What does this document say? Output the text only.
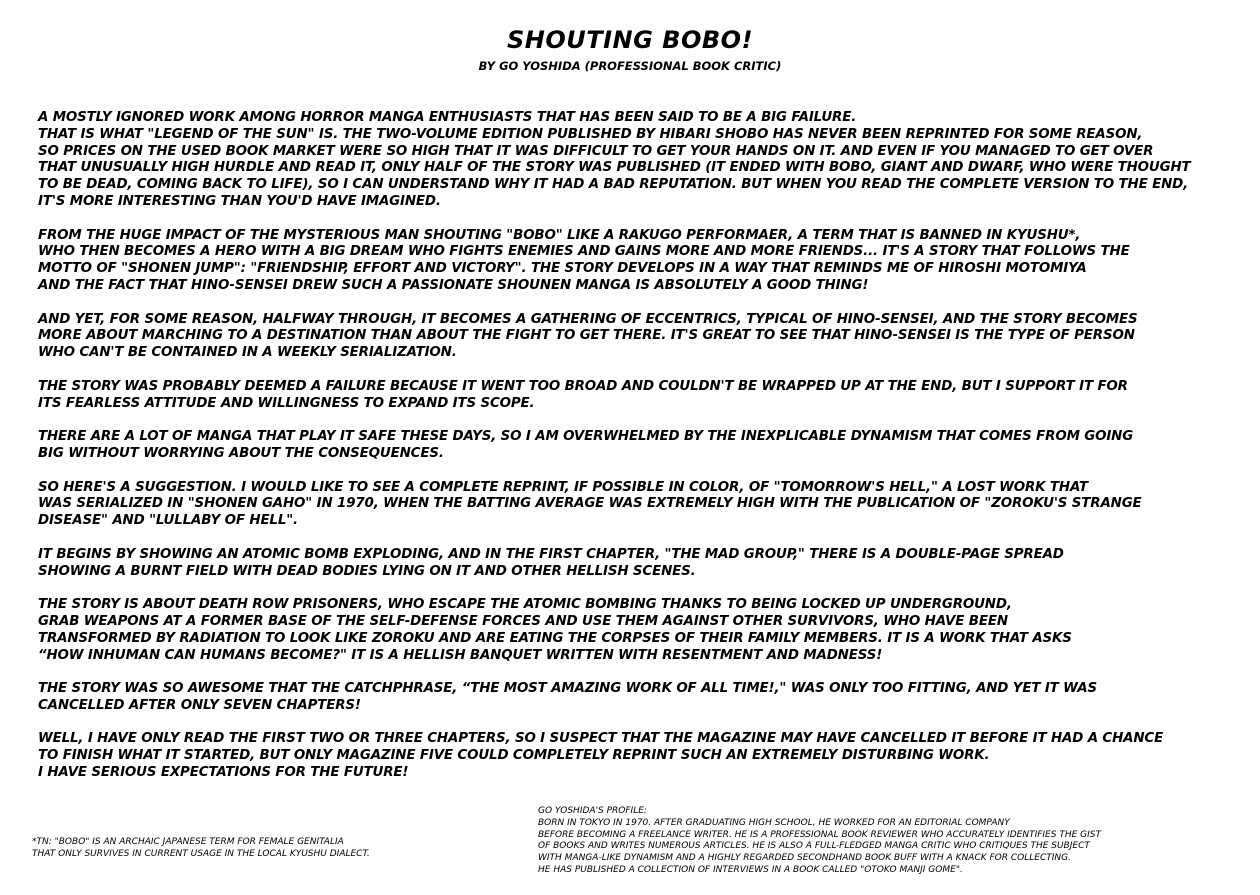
SHOUTING BOBO!
BY GO YOSHIDA (PROFESSIONAL BOOK CRITIC)

A MOSTLY IGNORED WORK AMONG HORROR MANGA ENTHUSIASTS THAT HAS BEEN SAID TO BE A BIG FAILURE.
THAT IS WHAT "LEGEND OF THE SUN" IS. THE TWO-VOLUME EDITION PUBLISHED BY HIBARI SHOBO HAS NEVER BEEN REPRINTED FOR SOME REASON,
SO PRICES ON THE USED BOOK MARKET WERE SO HIGH THAT IT WAS DIFFICULT TO GET YOUR HANDS ON IT. AND EVEN IF YOU MANAGED TO GET OVER
THAT UNUSUALLY HIGH HURDLE AND READ IT, ONLY HALF OF THE STORY WAS PUBLISHED (IT ENDED WITH BOBO, GIANT AND DWARF, WHO WERE THOUGHT
TO BE DEAD, COMING BACK TO LIFE), SO I CAN UNDERSTAND WHY IT HAD A BAD REPUTATION. BUT WHEN YOU READ THE COMPLETE VERSION TO THE END,
IT'S MORE INTERESTING THAN YOU'D HAVE IMAGINED.

FROM THE HUGE IMPACT OF THE MYSTERIOUS MAN SHOUTING "BOBO" LIKE A RAKUGO PERFORMAER, A TERM THAT IS BANNED IN KYUSHU*,
WHO THEN BECOMES A HERO WITH A BIG DREAM WHO FIGHTS ENEMIES AND GAINS MORE AND MORE FRIENDS... IT'S A STORY THAT FOLLOWS THE
MOTTO OF "SHONEN JUMP": "FRIENDSHIP, EFFORT AND VICTORY". THE STORY DEVELOPS IN A WAY THAT REMINDS ME OF HIROSHI MOTOMIYA
AND THE FACT THAT HINO-SENSEI DREW SUCH A PASSIONATE SHOUNEN MANGA IS ABSOLUTELY A GOOD THING!

AND YET, FOR SOME REASON, HALFWAY THROUGH, IT BECOMES A GATHERING OF ECCENTRICS, TYPICAL OF HINO-SENSEI, AND THE STORY BECOMES
MORE ABOUT MARCHING TO A DESTINATION THAN ABOUT THE FIGHT TO GET THERE. IT'S GREAT TO SEE THAT HINO-SENSEI IS THE TYPE OF PERSON
WHO CAN'T BE CONTAINED IN A WEEKLY SERIALIZATION.

THE STORY WAS PROBABLY DEEMED A FAILURE BECAUSE IT WENT TOO BROAD AND COULDN'T BE WRAPPED UP AT THE END, BUT I SUPPORT IT FOR
ITS FEARLESS ATTITUDE AND WILLINGNESS TO EXPAND ITS SCOPE.

THERE ARE A LOT OF MANGA THAT PLAY IT SAFE THESE DAYS, SO I AM OVERWHELMED BY THE INEXPLICABLE DYNAMISM THAT COMES FROM GOING
BIG WITHOUT WORRYING ABOUT THE CONSEQUENCES.

SO HERE'S A SUGGESTION. I WOULD LIKE TO SEE A COMPLETE REPRINT, IF POSSIBLE IN COLOR, OF "TOMORROW'S HELL," A LOST WORK THAT
WAS SERIALIZED IN "SHONEN GAHO" IN 1970, WHEN THE BATTING AVERAGE WAS EXTREMELY HIGH WITH THE PUBLICATION OF "ZOROKU'S STRANGE
DISEASE" AND "LULLABY OF HELL".

IT BEGINS BY SHOWING AN ATOMIC BOMB EXPLODING, AND IN THE FIRST CHAPTER, "THE MAD GROUP," THERE IS A DOUBLE-PAGE SPREAD
SHOWING A BURNT FIELD WITH DEAD BODIES LYING ON IT AND OTHER HELLISH SCENES.

THE STORY IS ABOUT DEATH ROW PRISONERS, WHO ESCAPE THE ATOMIC BOMBING THANKS TO BEING LOCKED UP UNDERGROUND,
GRAB WEAPONS AT A FORMER BASE OF THE SELF-DEFENSE FORCES AND USE THEM AGAINST OTHER SURVIVORS, WHO HAVE BEEN
TRANSFORMED BY RADIATION TO LOOK LIKE ZOROKU AND ARE EATING THE CORPSES OF THEIR FAMILY MEMBERS. IT IS A WORK THAT ASKS
“HOW INHUMAN CAN HUMANS BECOME?" IT IS A HELLISH BANQUET WRITTEN WITH RESENTMENT AND MADNESS!

THE STORY WAS SO AWESOME THAT THE CATCHPHRASE, “THE MOST AMAZING WORK OF ALL TIME!," WAS ONLY TOO FITTING, AND YET IT WAS
CANCELLED AFTER ONLY SEVEN CHAPTERS!

WELL, I HAVE ONLY READ THE FIRST TWO OR THREE CHAPTERS, SO I SUSPECT THAT THE MAGAZINE MAY HAVE CANCELLED IT BEFORE IT HAD A CHANCE
TO FINISH WHAT IT STARTED, BUT ONLY MAGAZINE FIVE COULD COMPLETELY REPRINT SUCH AN EXTREMELY DISTURBING WORK.
I HAVE SERIOUS EXPECTATIONS FOR THE FUTURE!

*TN: "BOBO" IS AN ARCHAIC JAPANESE TERM FOR FEMALE GENITALIA
THAT ONLY SURVIVES IN CURRENT USAGE IN THE LOCAL KYUSHU DIALECT.
GO YOSHIDA'S PROFILE:
BORN IN TOKYO IN 1970. AFTER GRADUATING HIGH SCHOOL, HE WORKED FOR AN EDITORIAL COMPANY
BEFORE BECOMING A FREELANCE WRITER. HE IS A PROFESSIONAL BOOK REVIEWER WHO ACCURATELY IDENTIFIES THE GIST
OF BOOKS AND WRITES NUMEROUS ARTICLES. HE IS ALSO A FULL-FLEDGED MANGA CRITIC WHO CRITIQUES THE SUBJECT
WITH MANGA-LIKE DYNAMISM AND A HIGHLY REGARDED SECONDHAND BOOK BUFF WITH A KNACK FOR COLLECTING.
HE HAS PUBLISHED A COLLECTION OF INTERVIEWS IN A BOOK CALLED "OTOKO MANJI GOME".
